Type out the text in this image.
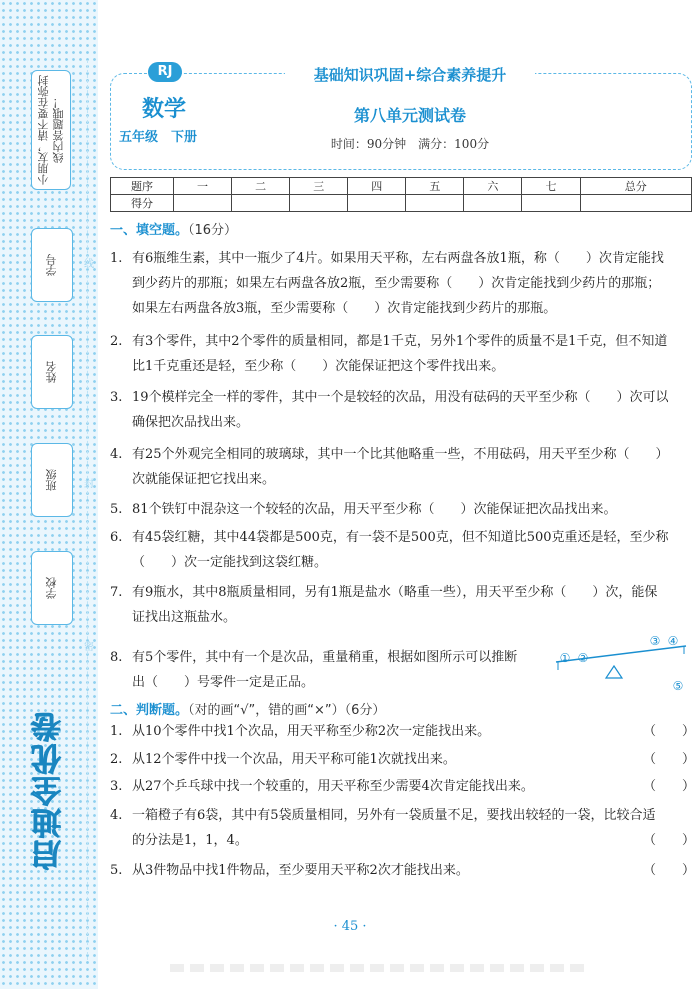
小朋友，请不要在弥封线内答题哦！
学号
姓名
班级
学校
线
封
密
启迪全优卷
RJ	基础知识巩固+综合素养提升
数学
五年级　下册
第八单元测试卷
时间：90分钟　满分：100分
题序	一	二	三	四	五	六	七	总分
得分								
一、填空题。（16分）
1. 有6瓶维生素，其中一瓶少了4片。如果用天平称，左右两盘各放1瓶，称（　　）次肯定能找
到少药片的那瓶；如果左右两盘各放2瓶，至少需要称（　　）次肯定能找到少药片的那瓶；
如果左右两盘各放3瓶，至少需要称（　　）次肯定能找到少药片的那瓶。
2. 有3个零件，其中2个零件的质量相同，都是1千克，另外1个零件的质量不是1千克，但不知道
比1千克重还是轻，至少称（　　）次能保证把这个零件找出来。
3. 19个模样完全一样的零件，其中一个是较轻的次品，用没有砝码的天平至少称（　　）次可以
确保把次品找出来。
4. 有25个外观完全相同的玻璃球，其中一个比其他略重一些，不用砝码，用天平至少称（　　）
次就能保证把它找出来。
5. 81个铁钉中混杂这一个较轻的次品，用天平至少称（　　）次能保证把次品找出来。
6. 有45袋红糖，其中44袋都是500克，有一袋不是500克，但不知道比500克重还是轻，至少称
（　　）次一定能找到这袋红糖。
7. 有9瓶水，其中8瓶质量相同，另有1瓶是盐水（略重一些），用天平至少称（　　）次，能保
证找出这瓶盐水。
8. 有5个零件，其中有一个是次品，重量稍重，根据如图所示可以推断
出（　　）号零件一定是正品。
① ②
③ ④
⑤
二、判断题。（对的画“√”，错的画“×”）（6分）
1. 从10个零件中找1个次品，用天平称至少称2次一定能找出来。	（　　）
2. 从12个零件中找一个次品，用天平称可能1次就找出来。	（　　）
3. 从27个乒乓球中找一个较重的，用天平称至少需要4次肯定能找出来。	（　　）
4. 一箱橙子有6袋，其中有5袋质量相同，另外有一袋质量不足，要找出较轻的一袋，比较合适
的分法是1，1，4。	（　　）
5. 从3件物品中找1件物品，至少要用天平称2次才能找出来。	（　　）
· 45 ·
